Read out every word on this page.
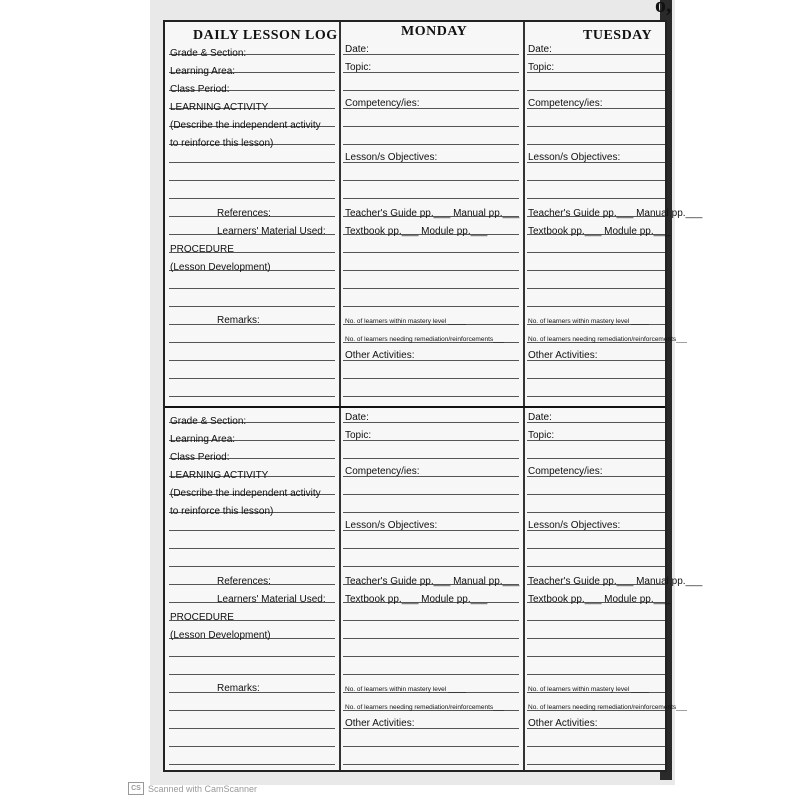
o,
DAILY LESSON LOG	MONDAY	TUESDAY
Grade & Section:
Learning Area:
Class Period:
LEARNING ACTIVITY
(Describe the independent activity
to reinforce this lesson)
References:
Learners' Material Used:
PROCEDURE
(Lesson Development)
Remarks:
Date:
Topic:
Competency/ies:
Lesson/s Objectives:
Teacher's Guide pp.___ Manual pp.___
Textbook pp.___ Module pp.___
No. of learners within mastery level _____
No. of learners needing remediation/reinforcements___
Other Activities:
Date:
Topic:
Competency/ies:
Lesson/s Objectives:
Teacher's Guide pp.___ Manual pp.___
Textbook pp.___ Module pp.___
No. of learners within mastery level _____
No. of learners needing remediation/reinforcements___
Other Activities:
Grade & Section:
Learning Area:
Class Period:
LEARNING ACTIVITY
(Describe the independent activity
to reinforce this lesson)
References:
Learners' Material Used:
PROCEDURE
(Lesson Development)
Remarks:
Date:
Topic:
Competency/ies:
Lesson/s Objectives:
Teacher's Guide pp.___ Manual pp.___
Textbook pp.___ Module pp.___
No. of learners within mastery level _____
No. of learners needing remediation/reinforcements___
Other Activities:
Date:
Topic:
Competency/ies:
Lesson/s Objectives:
Teacher's Guide pp.___ Manual pp.___
Textbook pp.___ Module pp.___
No. of learners within mastery level _____
No. of learners needing remediation/reinforcements___
Other Activities:
CS Scanned with CamScanner
